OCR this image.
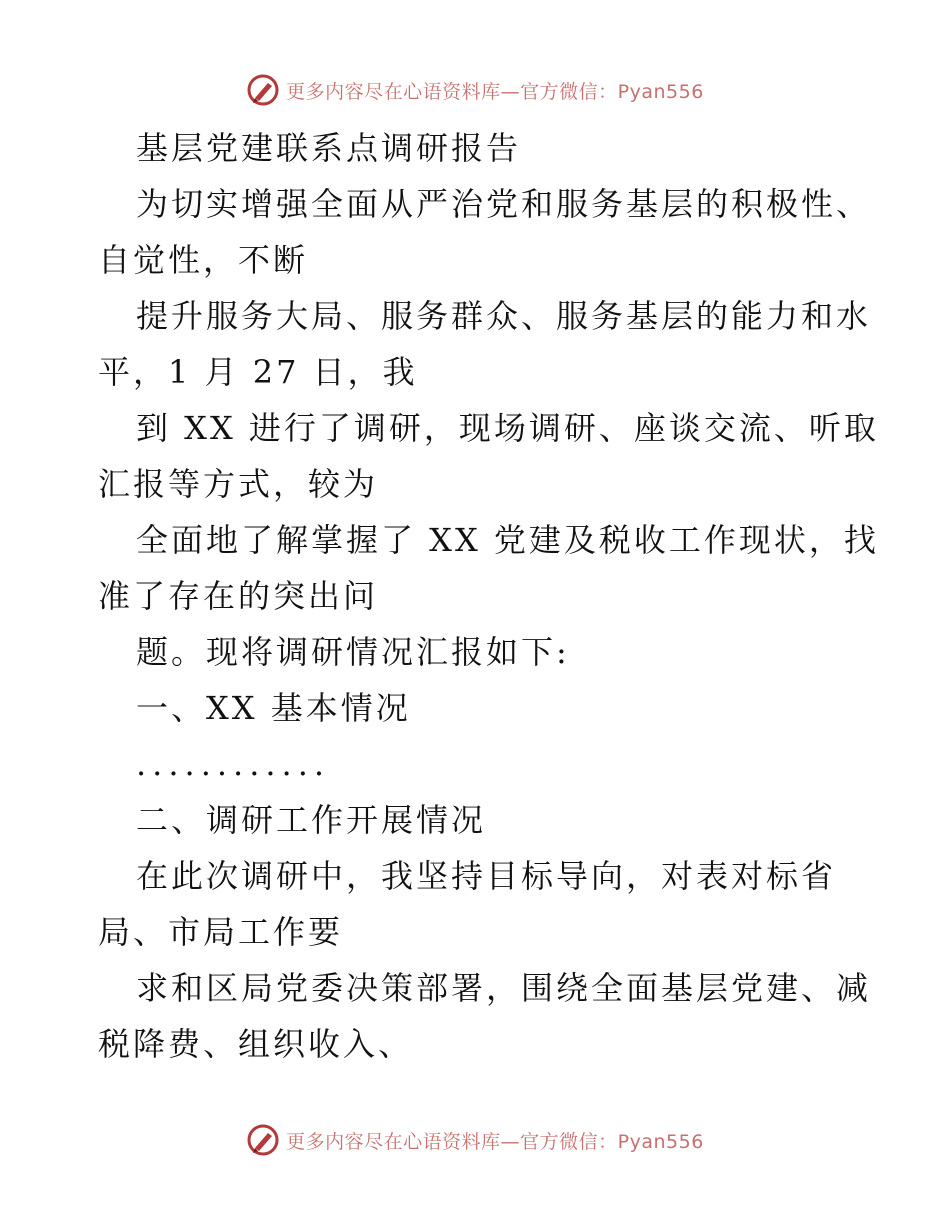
更多内容尽在心语资料库—官方微信：Pyan556
基层党建联系点调研报告
为切实增强全面从严治党和服务基层的积极性、
自觉性，不断
提升服务大局、服务群众、服务基层的能力和水
平，1 月 27 日，我
到 XX 进行了调研，现场调研、座谈交流、听取
汇报等方式，较为
全面地了解掌握了 XX 党建及税收工作现状，找
准了存在的突出问
题。现将调研情况汇报如下:
一、XX 基本情况
............
二、调研工作开展情况
在此次调研中，我坚持目标导向，对表对标省
局、市局工作要
求和区局党委决策部署，围绕全面基层党建、减
税降费、组织收入、
更多内容尽在心语资料库—官方微信：Pyan556
